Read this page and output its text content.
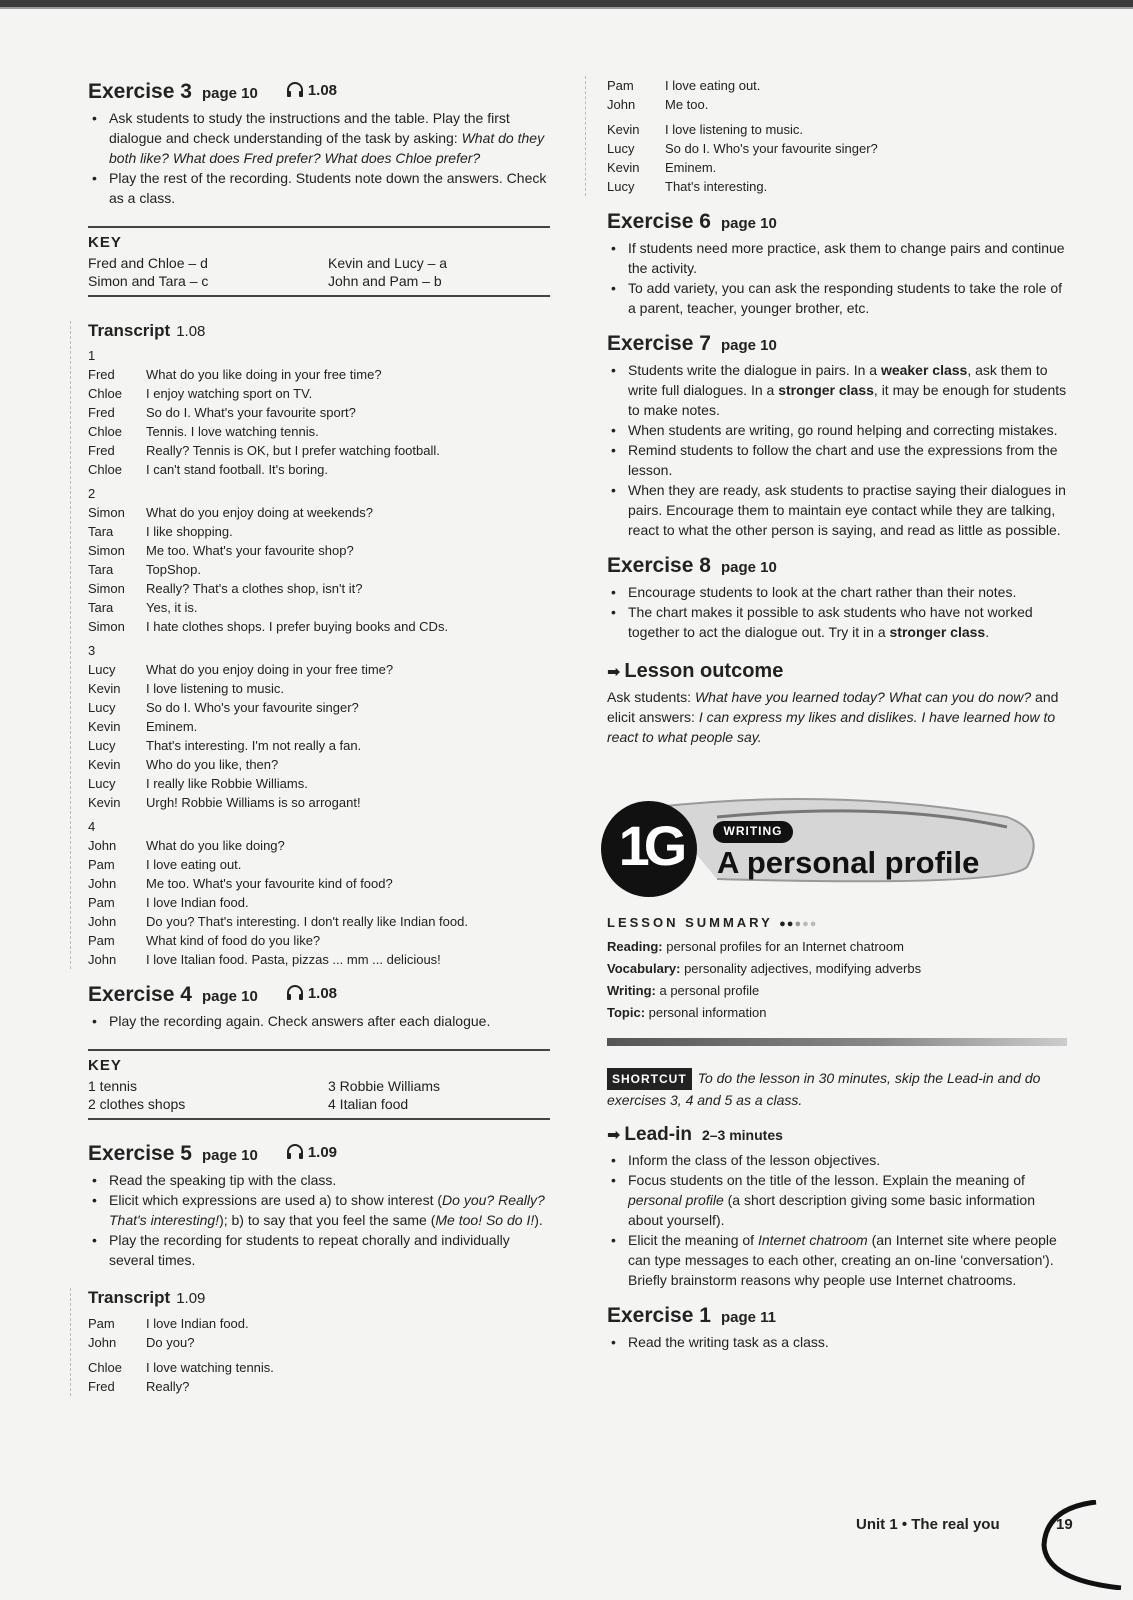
Exercise 3 page 10	1.08
• Ask students to study the instructions and the table. Play the first dialogue and check understanding of the task by asking: What do they both like? What does Fred prefer? What does Chloe prefer?
• Play the rest of the recording. Students note down the answers. Check as a class.
KEY
Fred and Chloe – d	Kevin and Lucy – a
Simon and Tara – c	John and Pam – b
Transcript 1.08
1
Fred	What do you like doing in your free time?
Chloe	I enjoy watching sport on TV.
Fred	So do I. What's your favourite sport?
Chloe	Tennis. I love watching tennis.
Fred	Really? Tennis is OK, but I prefer watching football.
Chloe	I can't stand football. It's boring.
2
Simon	What do you enjoy doing at weekends?
Tara	I like shopping.
Simon	Me too. What's your favourite shop?
Tara	TopShop.
Simon	Really? That's a clothes shop, isn't it?
Tara	Yes, it is.
Simon	I hate clothes shops. I prefer buying books and CDs.
3
Lucy	What do you enjoy doing in your free time?
Kevin	I love listening to music.
Lucy	So do I. Who's your favourite singer?
Kevin	Eminem.
Lucy	That's interesting. I'm not really a fan.
Kevin	Who do you like, then?
Lucy	I really like Robbie Williams.
Kevin	Urgh! Robbie Williams is so arrogant!
4
John	What do you like doing?
Pam	I love eating out.
John	Me too. What's your favourite kind of food?
Pam	I love Indian food.
John	Do you? That's interesting. I don't really like Indian food.
Pam	What kind of food do you like?
John	I love Italian food. Pasta, pizzas ... mm ... delicious!
Exercise 4 page 10	1.08
• Play the recording again. Check answers after each dialogue.
KEY
1 tennis	3 Robbie Williams
2 clothes shops	4 Italian food
Exercise 5 page 10	1.09
• Read the speaking tip with the class.
• Elicit which expressions are used a) to show interest (Do you? Really? That's interesting!); b) to say that you feel the same (Me too! So do I!).
• Play the recording for students to repeat chorally and individually several times.
Transcript 1.09
Pam	I love Indian food.
John	Do you?
Chloe	I love watching tennis.
Fred	Really?
Pam	I love eating out.
John	Me too.
Kevin	I love listening to music.
Lucy	So do I. Who's your favourite singer?
Kevin	Eminem.
Lucy	That's interesting.
Exercise 6 page 10
• If students need more practice, ask them to change pairs and continue the activity.
• To add variety, you can ask the responding students to take the role of a parent, teacher, younger brother, etc.
Exercise 7 page 10
• Students write the dialogue in pairs. In a weaker class, ask them to write full dialogues. In a stronger class, it may be enough for students to make notes.
• When students are writing, go round helping and correcting mistakes.
• Remind students to follow the chart and use the expressions from the lesson.
• When they are ready, ask students to practise saying their dialogues in pairs. Encourage them to maintain eye contact while they are talking, react to what the other person is saying, and read as little as possible.
Exercise 8 page 10
• Encourage students to look at the chart rather than their notes.
• The chart makes it possible to ask students who have not worked together to act the dialogue out. Try it in a stronger class.
➡ Lesson outcome

Ask students: What have you learned today? What can you do now? and elicit answers: I can express my likes and dislikes. I have learned how to react to what people say.

1G	WRITING
A personal profile
LESSON SUMMARY ●●●●●
Reading: personal profiles for an Internet chatroom
Vocabulary: personality adjectives, modifying adverbs
Writing: a personal profile
Topic: personal information

SHORTCUT To do the lesson in 30 minutes, skip the Lead-in and do exercises 3, 4 and 5 as a class.

➡ Lead-in 2–3 minutes
• Inform the class of the lesson objectives.
• Focus students on the title of the lesson. Explain the meaning of personal profile (a short description giving some basic information about yourself).
• Elicit the meaning of Internet chatroom (an Internet site where people can type messages to each other, creating an on-line 'conversation'). Briefly brainstorm reasons why people use Internet chatrooms.
Exercise 1 page 11
• Read the writing task as a class.
Unit 1 • The real you	19
